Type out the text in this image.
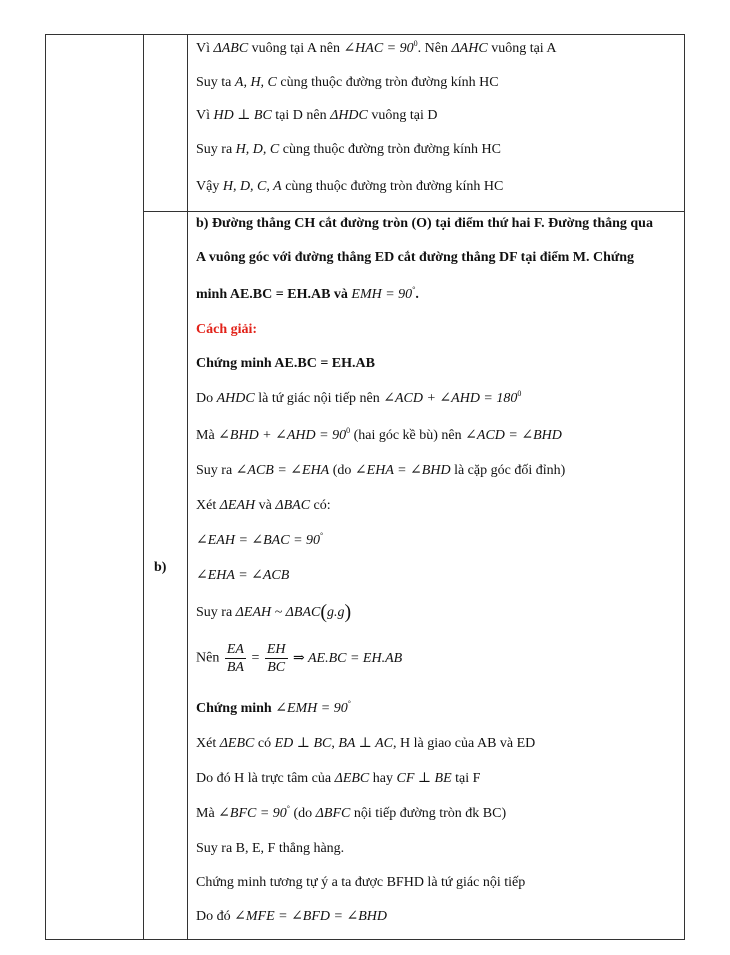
b)
Vì ΔABC vuông tại A nên ∠HAC = $90^0$. Nên ΔAHC vuông tại A
Suy ta A, H, C cùng thuộc đường tròn đường kính HC
Vì HD ⊥ BC tại D nên ΔHDC vuông tại D
Suy ra H, D, C cùng thuộc đường tròn đường kính HC
Vậy H, D, C, A cùng thuộc đường tròn đường kính HC
b) Đường thẳng CH cắt đường tròn (O) tại điểm thứ hai F. Đường thẳng qua
A vuông góc với đường thẳng ED cắt đường thẳng DF tại điểm M. Chứng
minh AE.BC = EH.AB và EMH = 90°.
Cách giải:
Chứng minh AE.BC = EH.AB
Do AHDC là tứ giác nội tiếp nên ∠ACD + ∠AHD = $180^0$
Mà ∠BHD + ∠AHD = $90^0$ (hai góc kề bù) nên ∠ACD = ∠BHD
Suy ra ∠ACB = ∠EHA (do ∠EHA = ∠BHD là cặp góc đối đỉnh)
Xét ΔEAH và ΔBAC có:
∠EAH = ∠BAC = 90°
∠EHA = ∠ACB
Suy ra ΔEAH ~ ΔBAC(g.g)
Nên $\frac{EA}{BA} = \frac{EH}{BC}$ ⇒ AE.BC = EH.AB
Chứng minh ∠EMH = 90°
Xét ΔEBC có ED ⊥ BC, BA ⊥ AC, H là giao của AB và ED
Do đó H là trực tâm của ΔEBC hay CF ⊥ BE tại F
Mà ∠BFC = 90° (do ΔBFC nội tiếp đường tròn đk BC)
Suy ra B, E, F thẳng hàng.
Chứng minh tương tự ý a ta được BFHD là tứ giác nội tiếp
Do đó ∠MFE = ∠BFD = ∠BHD
